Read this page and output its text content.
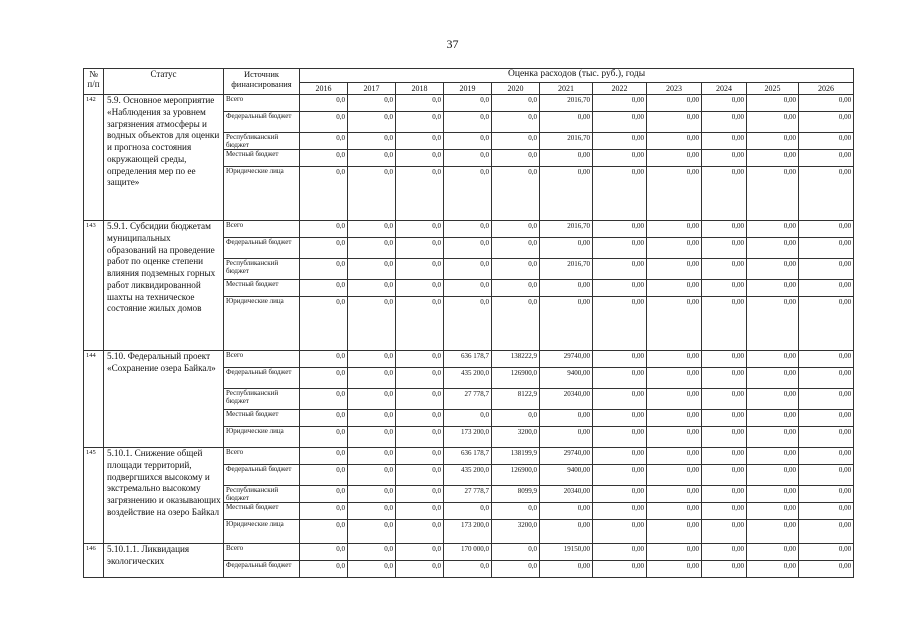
37
№ п/п	Статус	Источник финансирования	Оценка расходов (тыс. руб.), годы										
			2016	2017	2018	2019	2020	2021	2022	2023	2024	2025	2026
142	5.9. Основное мероприятие «Наблюдения за уровнем загрязнения атмосферы и водных объектов для оценки и прогноза состояния окружающей среды, определения мер по ее защите»	Всего	0,0	0,0	0,0	0,0	0,0	2016,70	0,00	0,00	0,00	0,00	0,00
		Федеральный бюджет	0,0	0,0	0,0	0,0	0,0	0,00	0,00	0,00	0,00	0,00	0,00
		Республиканский бюджет	0,0	0,0	0,0	0,0	0,0	2016,70	0,00	0,00	0,00	0,00	0,00
		Местный бюджет	0,0	0,0	0,0	0,0	0,0	0,00	0,00	0,00	0,00	0,00	0,00
		Юридические лица	0,0	0,0	0,0	0,0	0,0	0,00	0,00	0,00	0,00	0,00	0,00
143	5.9.1. Субсидии бюджетам муниципальных образований на проведение работ по оценке степени влияния подземных горных работ ликвидированной шахты на техническое состояние жилых домов	Всего	0,0	0,0	0,0	0,0	0,0	2016,70	0,00	0,00	0,00	0,00	0,00
		Федеральный бюджет	0,0	0,0	0,0	0,0	0,0	0,00	0,00	0,00	0,00	0,00	0,00
		Республиканский бюджет	0,0	0,0	0,0	0,0	0,0	2016,70	0,00	0,00	0,00	0,00	0,00
		Местный бюджет	0,0	0,0	0,0	0,0	0,0	0,00	0,00	0,00	0,00	0,00	0,00
		Юридические лица	0,0	0,0	0,0	0,0	0,0	0,00	0,00	0,00	0,00	0,00	0,00
144	5.10. Федеральный проект «Сохранение озера Байкал»	Всего	0,0	0,0	0,0	636 178,7	138222,9	29740,00	0,00	0,00	0,00	0,00	0,00
		Федеральный бюджет	0,0	0,0	0,0	435 200,0	126900,0	9400,00	0,00	0,00	0,00	0,00	0,00
		Республиканский бюджет	0,0	0,0	0,0	27 778,7	8122,9	20340,00	0,00	0,00	0,00	0,00	0,00
		Местный бюджет	0,0	0,0	0,0	0,0	0,0	0,00	0,00	0,00	0,00	0,00	0,00
		Юридические лица	0,0	0,0	0,0	173 200,0	3200,0	0,00	0,00	0,00	0,00	0,00	0,00
145	5.10.1. Снижение общей площади территорий, подвергшихся высокому и экстремально высокому загрязнению и оказывающих воздействие на озеро Байкал	Всего	0,0	0,0	0,0	636 178,7	138199,9	29740,00	0,00	0,00	0,00	0,00	0,00
		Федеральный бюджет	0,0	0,0	0,0	435 200,0	126900,0	9400,00	0,00	0,00	0,00	0,00	0,00
		Республиканский бюджет	0,0	0,0	0,0	27 778,7	8099,9	20340,00	0,00	0,00	0,00	0,00	0,00
		Местный бюджет	0,0	0,0	0,0	0,0	0,0	0,00	0,00	0,00	0,00	0,00	0,00
		Юридические лица	0,0	0,0	0,0	173 200,0	3200,0	0,00	0,00	0,00	0,00	0,00	0,00
146	5.10.1.1. Ликвидация экологических	Всего	0,0	0,0	0,0	170 000,0	0,0	19150,00	0,00	0,00	0,00	0,00	0,00
		Федеральный бюджет	0,0	0,0	0,0	0,0	0,0	0,00	0,00	0,00	0,00	0,00	0,00
